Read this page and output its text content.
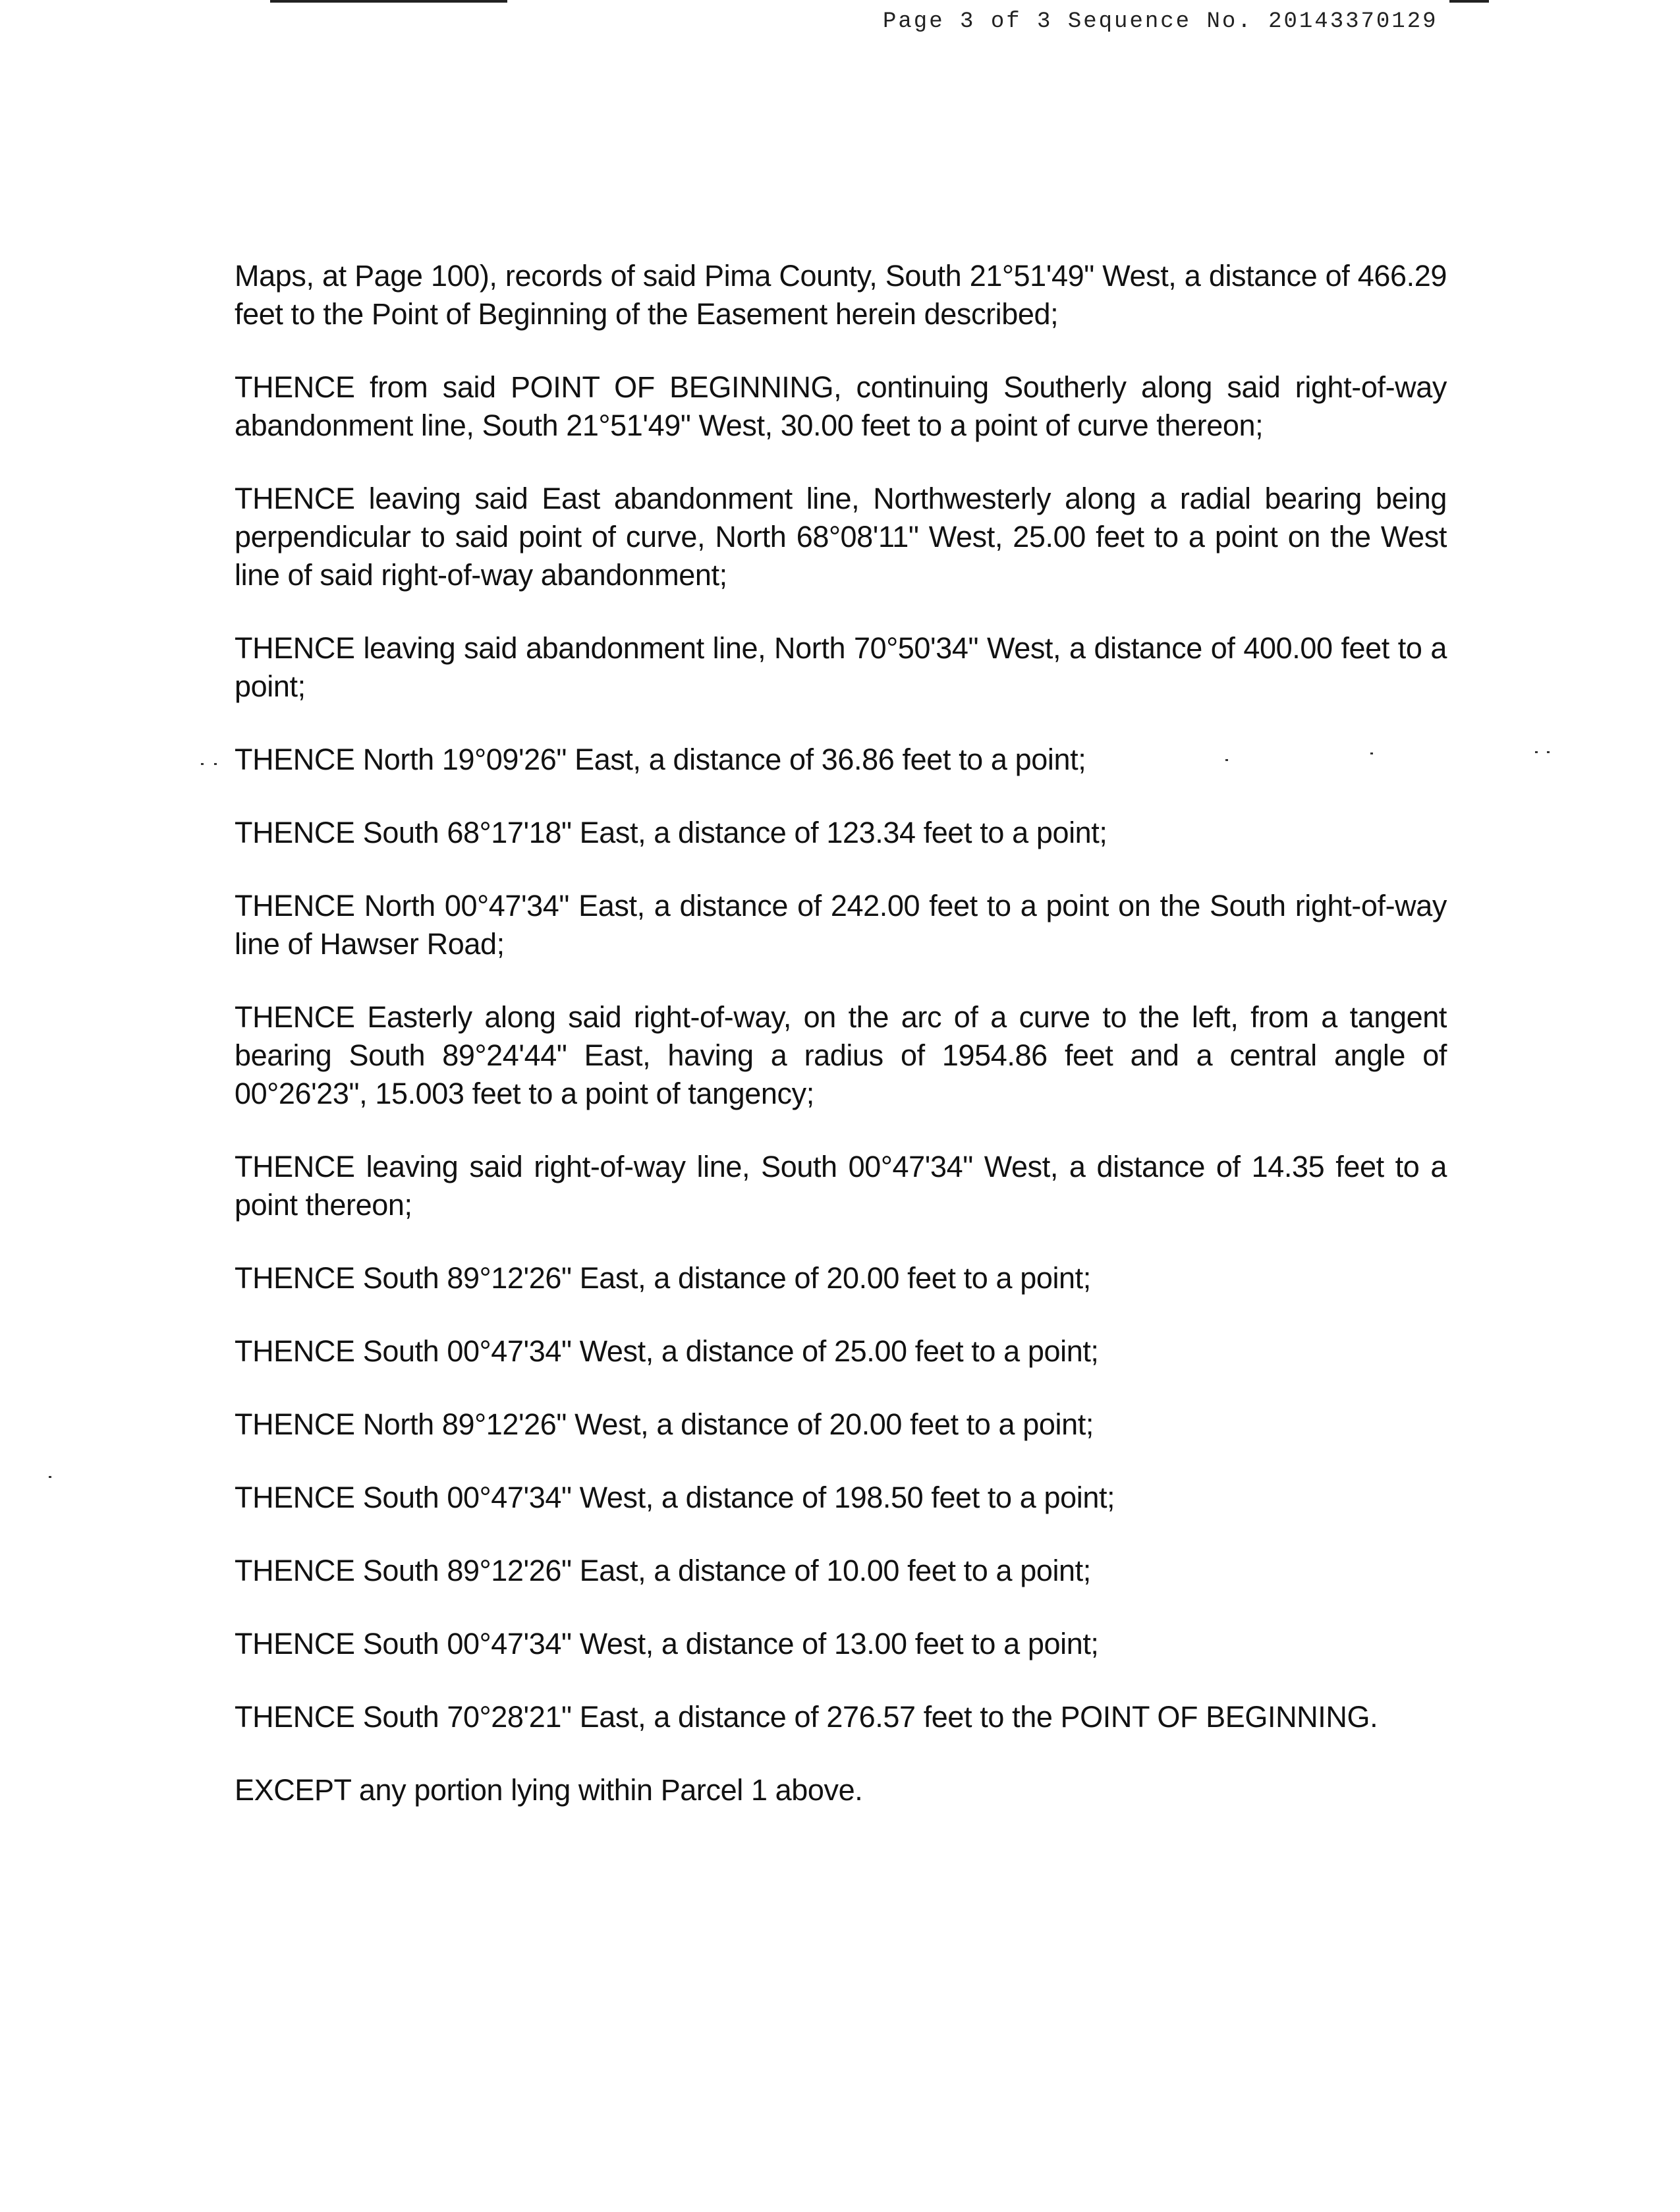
Page 3 of 3 Sequence No. 20143370129

Maps, at Page 100), records of said Pima County, South 21°51'49" West, a distance of 466.29 feet to the Point of Beginning of the Easement herein described;

THENCE from said POINT OF BEGINNING, continuing Southerly along said right-of-way abandonment line, South 21°51'49" West, 30.00 feet to a point of curve thereon;

THENCE leaving said East abandonment line, Northwesterly along a radial bearing being perpendicular to said point of curve, North 68°08'11" West, 25.00 feet to a point on the West line of said right-of-way abandonment;

THENCE leaving said abandonment line, North 70°50'34" West, a distance of 400.00 feet to a point;

THENCE North 19°09'26" East, a distance of 36.86 feet to a point;

THENCE South 68°17'18" East, a distance of 123.34 feet to a point;

THENCE North 00°47'34" East, a distance of 242.00 feet to a point on the South right-of-way line of Hawser Road;

THENCE Easterly along said right-of-way, on the arc of a curve to the left, from a tangent bearing South 89°24'44" East, having a radius of 1954.86 feet and a central angle of 00°26'23", 15.003 feet to a point of tangency;

THENCE leaving said right-of-way line, South 00°47'34" West, a distance of 14.35 feet to a point thereon;

THENCE South 89°12'26" East, a distance of 20.00 feet to a point;

THENCE South 00°47'34" West, a distance of 25.00 feet to a point;

THENCE North 89°12'26" West, a distance of 20.00 feet to a point;

THENCE South 00°47'34" West, a distance of 198.50 feet to a point;

THENCE South 89°12'26" East, a distance of 10.00 feet to a point;

THENCE South 00°47'34" West, a distance of 13.00 feet to a point;

THENCE South 70°28'21" East, a distance of 276.57 feet to the POINT OF BEGINNING.

EXCEPT any portion lying within Parcel 1 above.
